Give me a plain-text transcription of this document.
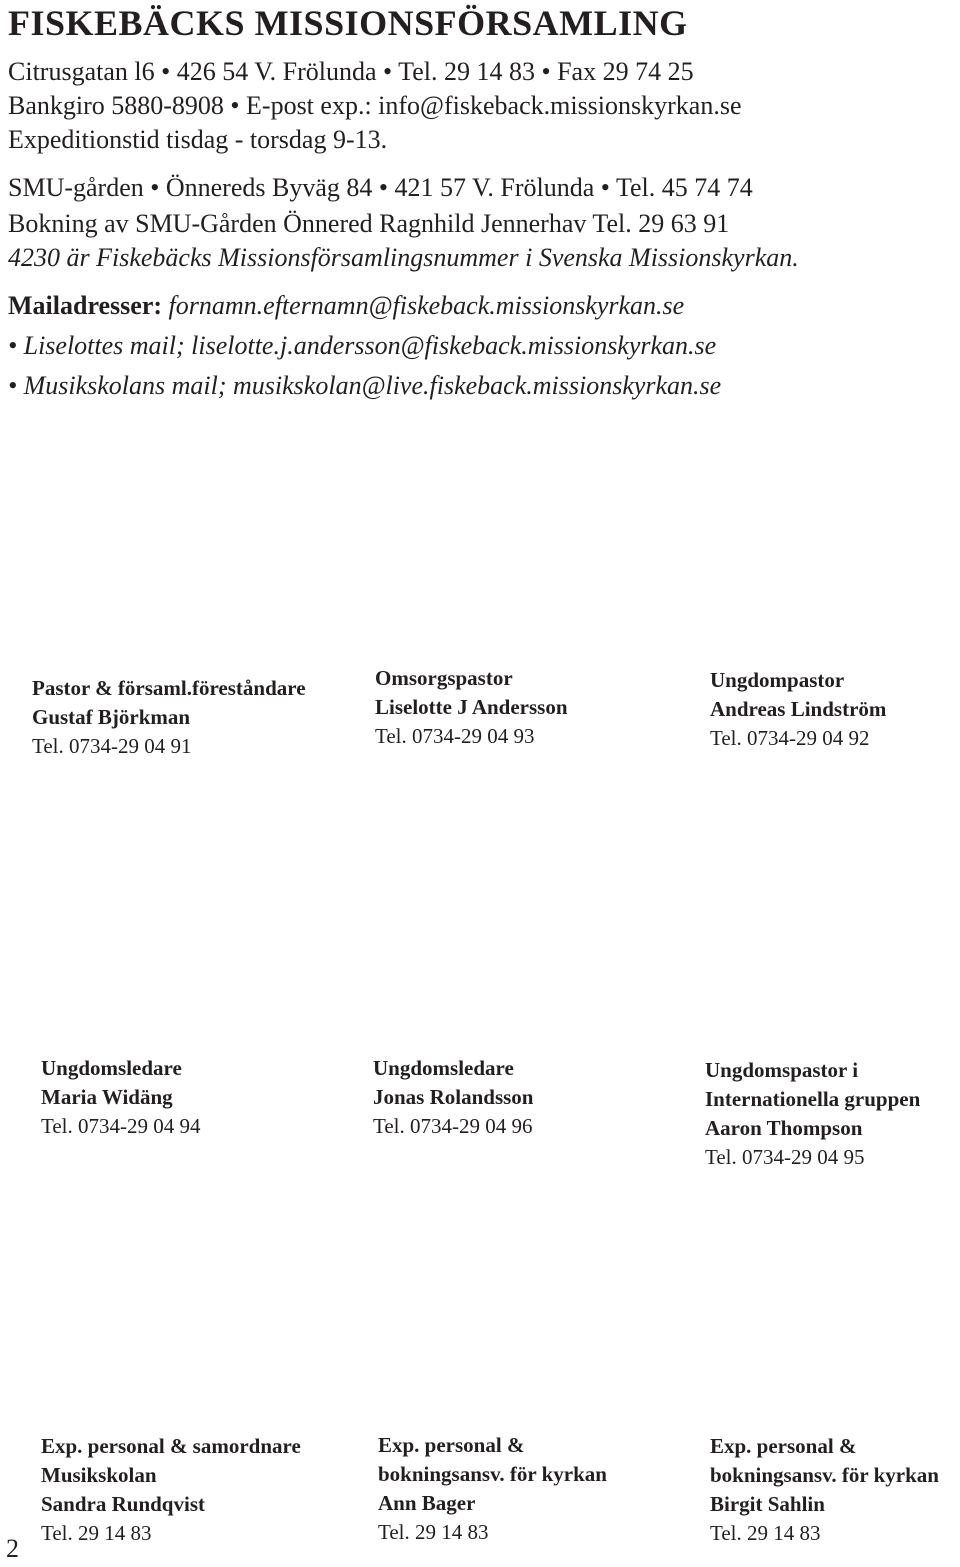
FISKEBÄCKS MISSIONSFÖRSAMLING
Citrusgatan l6 • 426 54 V. Frölunda • Tel. 29 14 83 • Fax 29 74 25
Bankgiro 5880-8908 • E-post exp.: info@fiskeback.missionskyrkan.se
Expeditionstid tisdag - torsdag 9-13.
SMU-gården • Önnereds Byväg 84 • 421 57 V. Frölunda • Tel. 45 74 74
Bokning av SMU-Gården Önnered Ragnhild Jennerhav Tel. 29 63 91
4230 är Fiskebäcks Missionsförsamlingsnummer i Svenska Missionskyrkan.
Mailadresser: fornamn.efternamn@fiskeback.missionskyrkan.se
• Liselottes mail; liselotte.j.andersson@fiskeback.missionskyrkan.se
• Musikskolans mail; musikskolan@live.fiskeback.missionskyrkan.se
Pastor & församl.föreståndare
Gustaf Björkman
Tel. 0734-29 04 91
Omsorgspastor
Liselotte J Andersson
Tel. 0734-29 04 93
Ungdompastor
Andreas Lindström
Tel. 0734-29 04 92
Ungdomsledare
Maria Widäng
Tel. 0734-29 04 94
Ungdomsledare
Jonas Rolandsson
Tel. 0734-29 04 96
Ungdomspastor i
Internationella gruppen
Aaron Thompson
Tel. 0734-29 04 95
Exp. personal & samordnare
Musikskolan
Sandra Rundqvist
Tel. 29 14 83
Exp. personal &
bokningsansv. för kyrkan
Ann Bager
Tel. 29 14 83
Exp. personal &
bokningsansv. för kyrkan
Birgit Sahlin
Tel. 29 14 83
2
